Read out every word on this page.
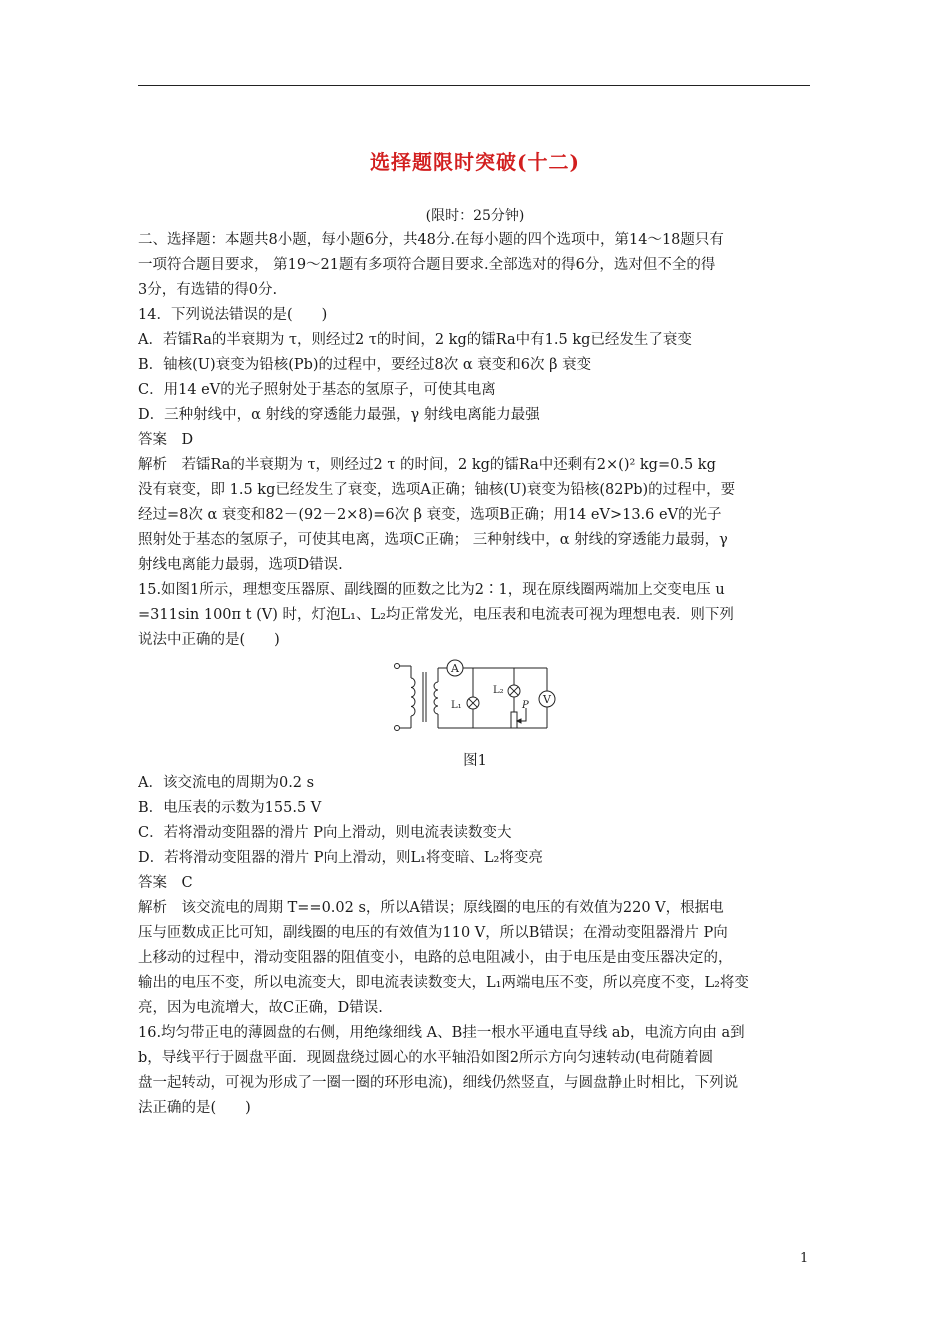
选择题限时突破(十二)
(限时：25分钟)
二、选择题：本题共8小题，每小题6分，共48分.在每小题的四个选项中，第14～18题只有
一项符合题目要求， 第19～21题有多项符合题目要求.全部选对的得6分，选对但不全的得
3分，有选错的得0分.
14．下列说法错误的是(　　)
A．若镭Ra的半衰期为 τ，则经过2 τ的时间，2 kg的镭Ra中有1.5 kg已经发生了衰变
B．铀核(U)衰变为铅核(Pb)的过程中，要经过8次 α 衰变和6次 β 衰变
C．用14 eV的光子照射处于基态的氢原子，可使其电离
D．三种射线中，α 射线的穿透能力最强，γ 射线电离能力最强
答案　D
解析　若镭Ra的半衰期为 τ，则经过2 τ 的时间，2 kg的镭Ra中还剩有2×()² kg=0.5 kg
没有衰变，即 1.5 kg已经发生了衰变，选项A正确；铀核(U)衰变为铅核(82Pb)的过程中，要
经过=8次 α 衰变和82－(92－2×8)=6次 β 衰变，选项B正确；用14 eV>13.6 eV的光子
照射处于基态的氢原子，可使其电离，选项C正确； 三种射线中，α 射线的穿透能力最弱，γ
射线电离能力最弱，选项D错误.
15.如图1所示，理想变压器原、副线圈的匝数之比为2∶1，现在原线圈两端加上交变电压 u
=311sin 100π t (V) 时，灯泡L₁、L₂均正常发光，电压表和电流表可视为理想电表．则下列
说法中正确的是(　　)
A
V
L₁
L₂
P
图1
A．该交流电的周期为0.2 s
B．电压表的示数为155.5 V
C．若将滑动变阻器的滑片 P向上滑动，则电流表读数变大
D．若将滑动变阻器的滑片 P向上滑动，则L₁将变暗、L₂将变亮
答案　C
解析　该交流电的周期 T==0.02 s，所以A错误；原线圈的电压的有效值为220 V，根据电
压与匝数成正比可知，副线圈的电压的有效值为110 V，所以B错误；在滑动变阻器滑片 P向
上移动的过程中，滑动变阻器的阻值变小，电路的总电阻减小，由于电压是由变压器决定的，
输出的电压不变，所以电流变大，即电流表读数变大，L₁两端电压不变，所以亮度不变，L₂将变
亮，因为电流增大，故C正确，D错误.
16.均匀带正电的薄圆盘的右侧，用绝缘细线 A、B挂一根水平通电直导线 ab，电流方向由 a到
b，导线平行于圆盘平面．现圆盘绕过圆心的水平轴沿如图2所示方向匀速转动(电荷随着圆
盘一起转动，可视为形成了一圈一圈的环形电流)，细线仍然竖直，与圆盘静止时相比，下列说
法正确的是(　　)
1
